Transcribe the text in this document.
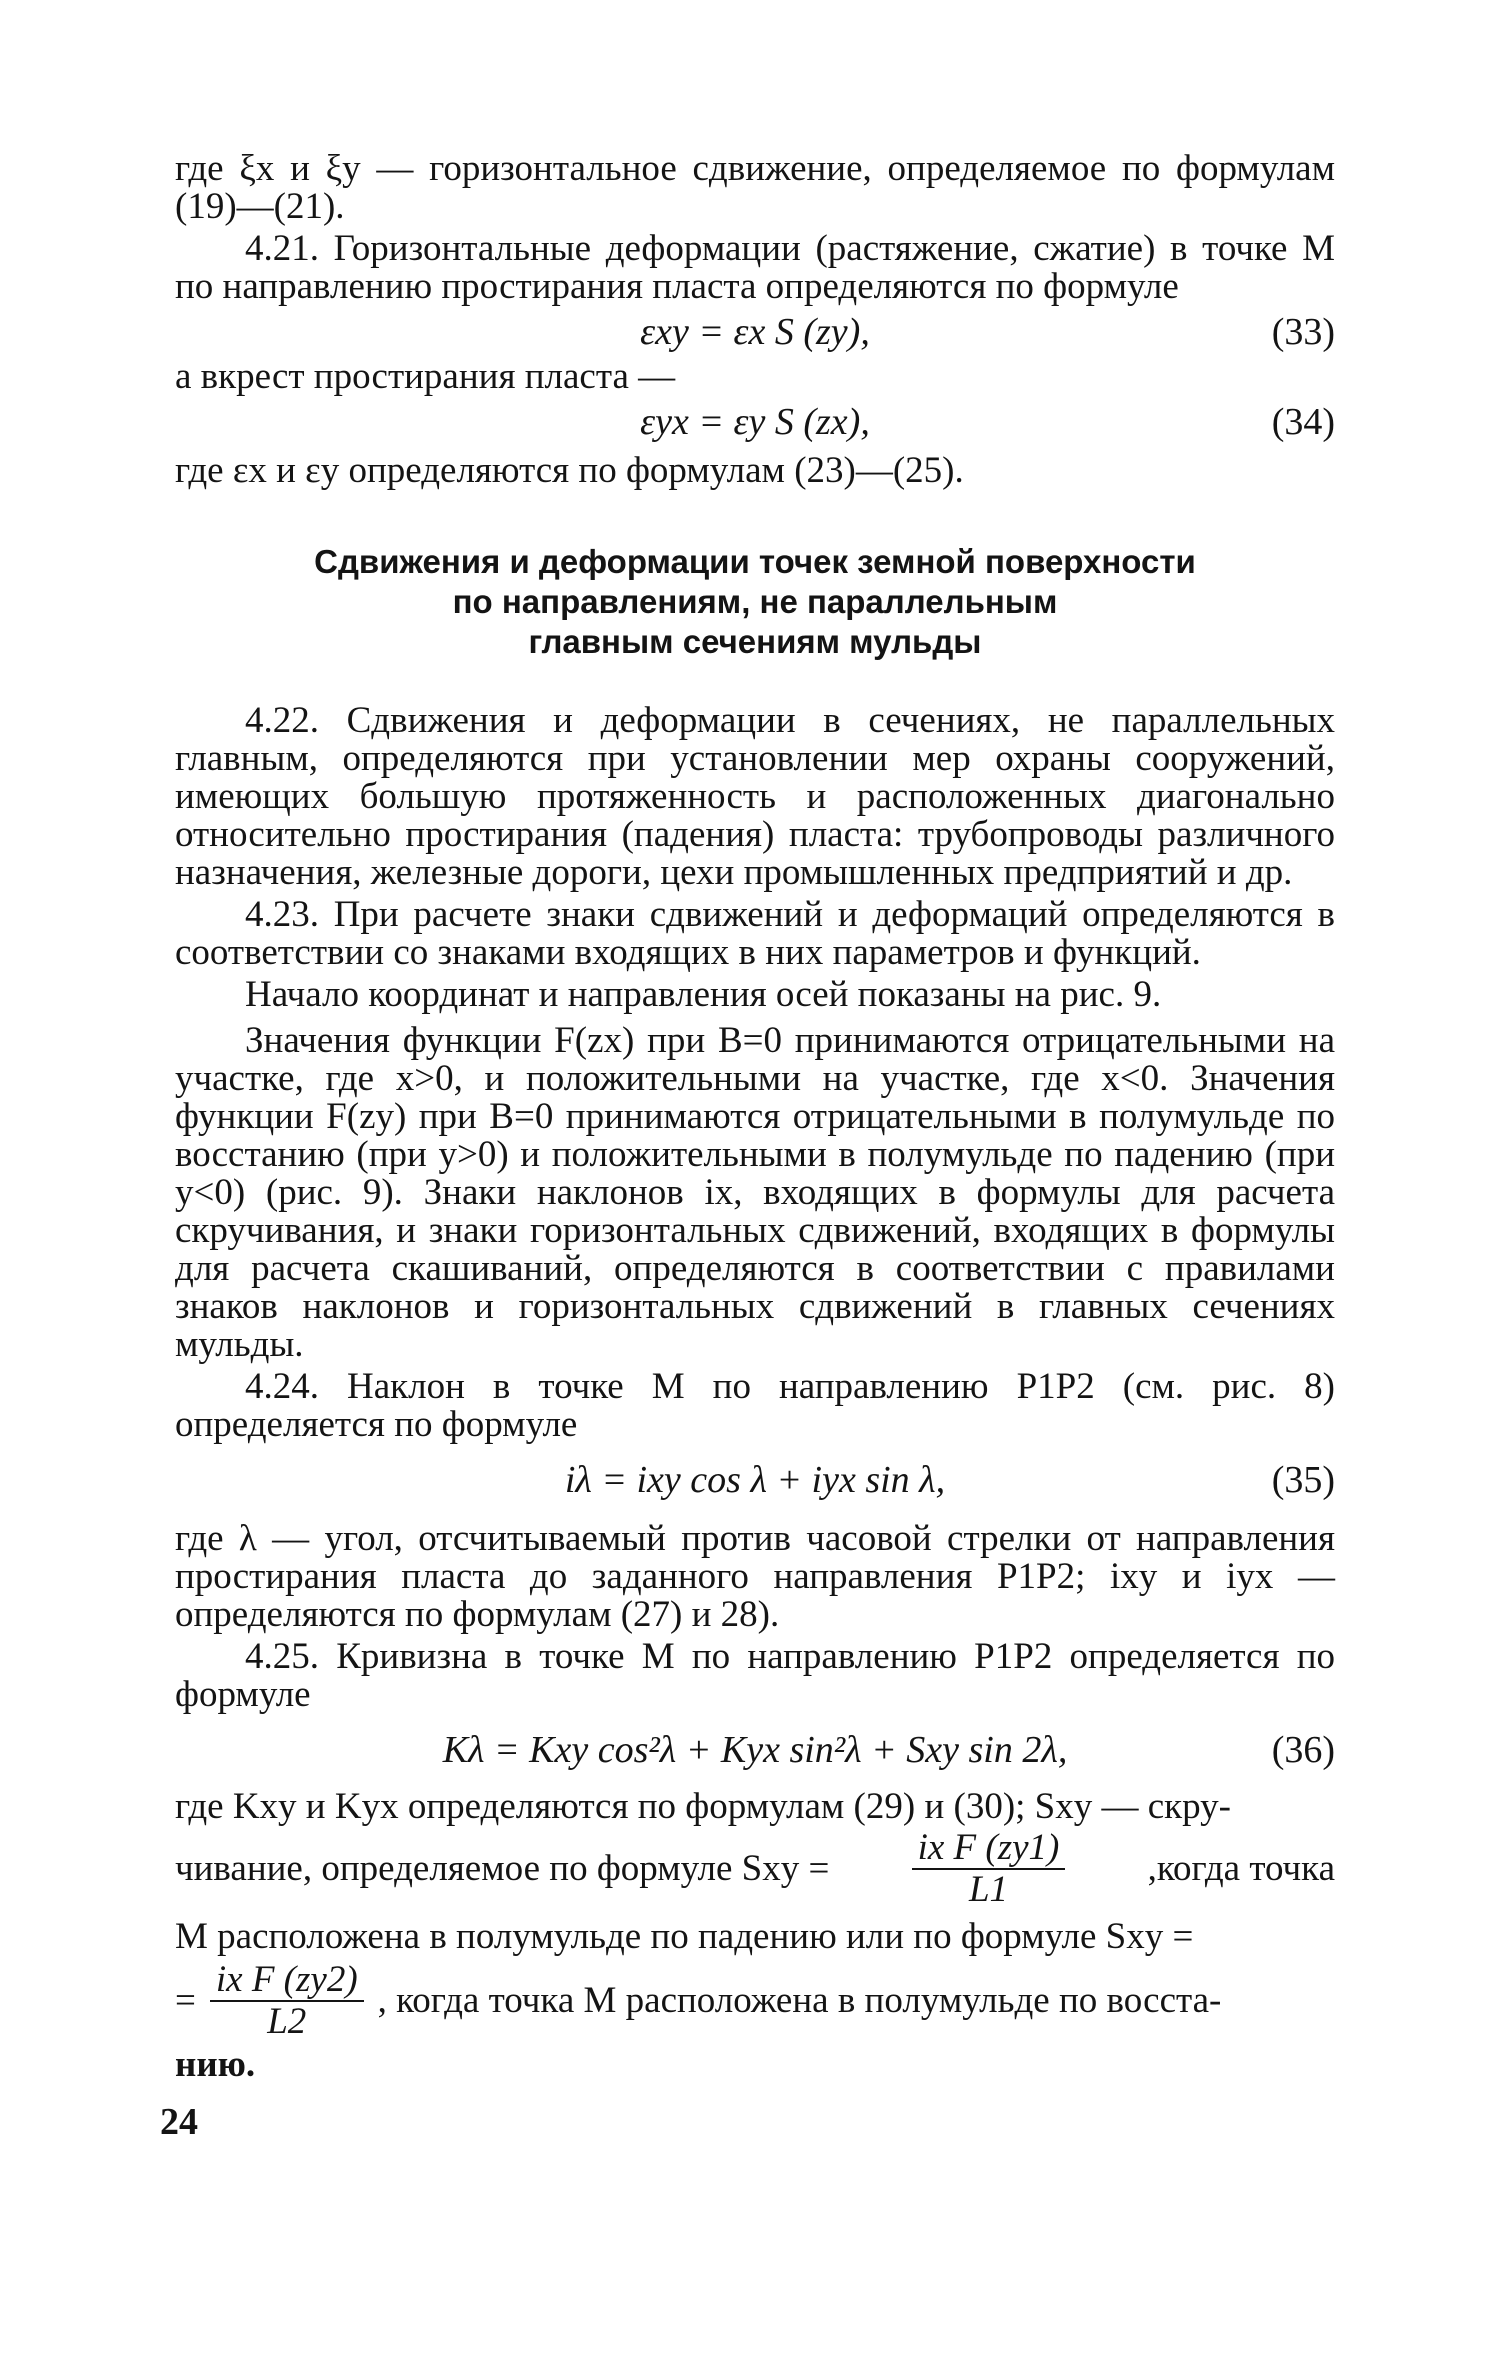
где ξx и ξy — горизонтальное сдвижение, определяемое по формулам (19)—(21).

4.21. Горизонтальные деформации (растяжение, сжатие) в точке М по направлению простирания пласта определяются по формуле

εxy = εx S (zy),	(33)

а вкрест простирания пласта —

εyx = εy S (zx),	(34)

где εx и εy определяются по формулам (23)—(25).

Сдвижения и деформации точек земной поверхности
по направлениям, не параллельным
главным сечениям мульды

4.22. Сдвижения и деформации в сечениях, не параллельных главным, определяются при установлении мер охраны сооружений, имеющих большую протяженность и расположенных диагонально относительно простирания (падения) пласта: трубопроводы различного назначения, железные дороги, цехи промышленных предприятий и др.

4.23. При расчете знаки сдвижений и деформаций определяются в соответствии со знаками входящих в них параметров и функций.

Начало координат и направления осей показаны на рис. 9.

Значения функции F(zx) при B=0 принимаются отрицательными на участке, где x>0, и положительными на участке, где x<0. Значения функции F(zy) при B=0 принимаются отрицательными в полумульде по восстанию (при y>0) и положительными в полумульде по падению (при y<0) (рис. 9). Знаки наклонов ix, входящих в формулы для расчета скручивания, и знаки горизонтальных сдвижений, входящих в формулы для расчета скашиваний, определяются в соответствии с правилами знаков наклонов и горизонтальных сдвижений в главных сечениях мульды.

4.24. Наклон в точке М по направлению P1P2 (см. рис. 8) определяется по формуле

iλ = ixy cos λ + iyx sin λ,	(35)

где λ — угол, отсчитываемый против часовой стрелки от направления простирания пласта до заданного направления P1P2; ixy и iyx — определяются по формулам (27) и 28).

4.25. Кривизна в точке М по направлению P1P2 определяется по формуле

Kλ = Kxy cos²λ + Kyx sin²λ + Sxy sin 2λ,	(36)

где Kxy и Kyx определяются по формулам (29) и (30); Sxy — скру-

чивание, определяемое по формуле Sxy = $\frac{\text{ix F (zy1)}}{L1}$ ,когда точка

М расположена в полумульде по падению или по формуле Sxy =

= $\frac{\text{ix F (zy2)}}{L2}$ , когда точка М расположена в полумульде по восста-

нию.

24
